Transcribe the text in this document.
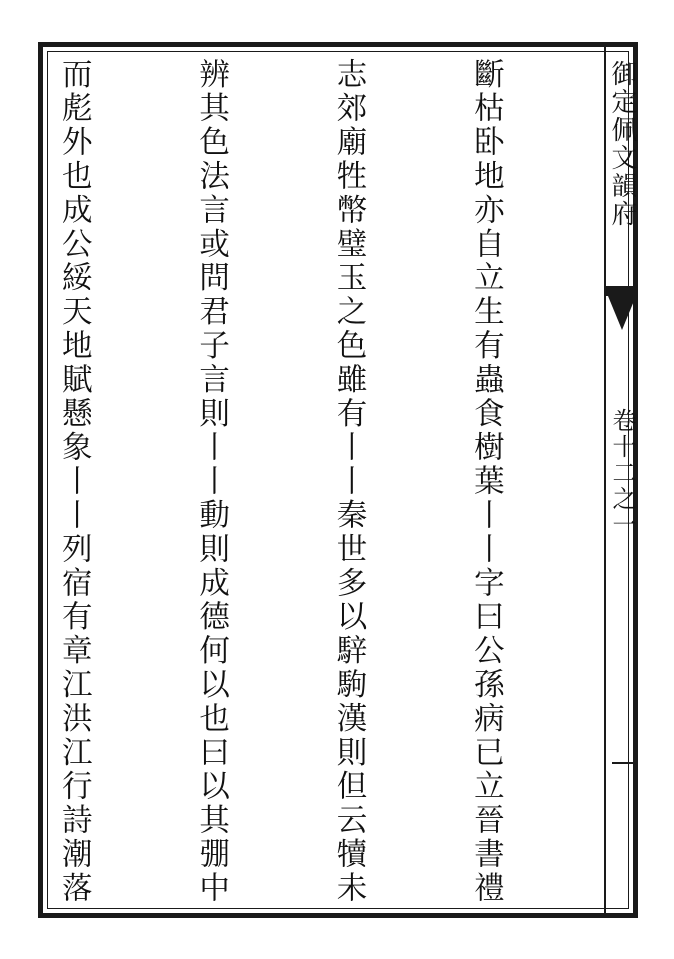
御定佩文韻府
卷十二之一

斷枯卧地亦自立生有蟲食樹葉丨丨字曰公孫病已立晉書禮

志郊廟牲幣璧玉之色雖有丨丨秦世多以騂駒漢則但云犢未

辨其色法言或問君子言則丨丨動則成德何以也曰以其弸中

而彪外也成公綏天地賦懸象丨丨列宿有章江洪江行詩潮落
